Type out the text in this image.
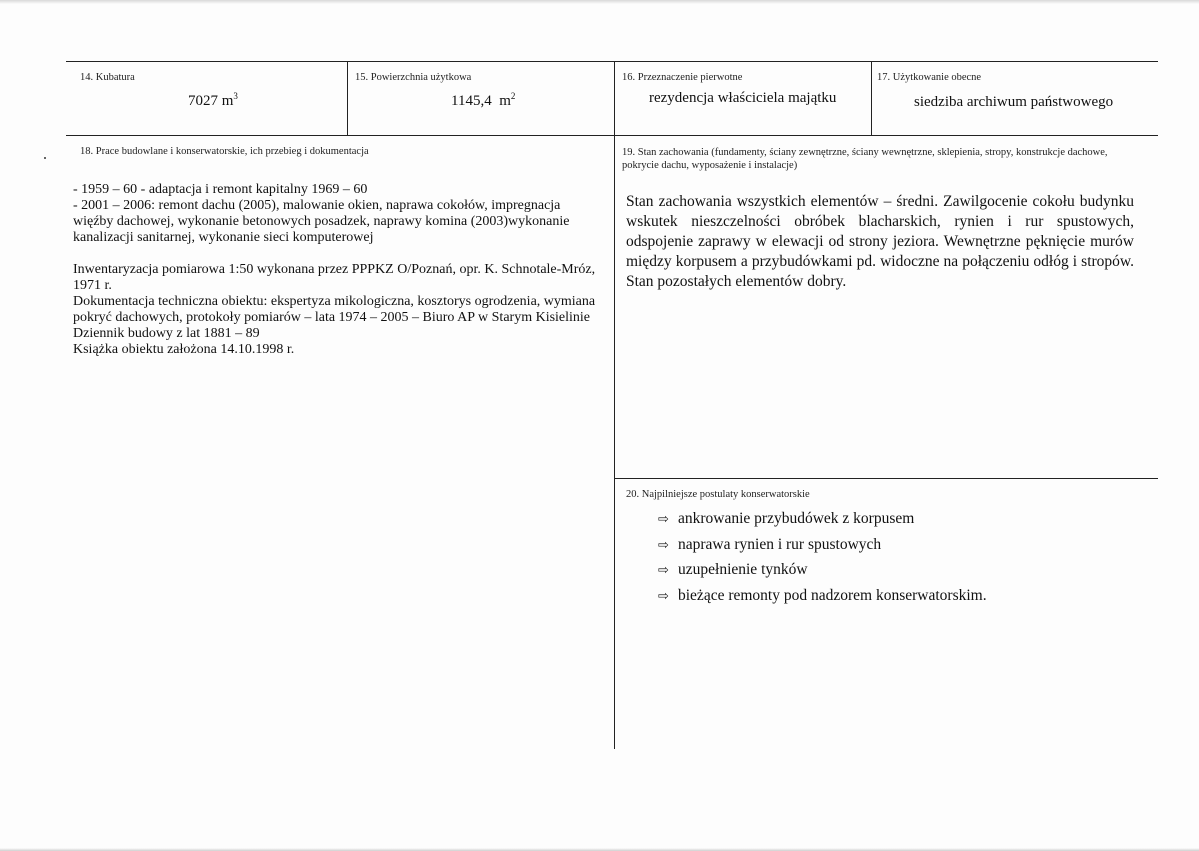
14. Kubatura
7027 $m^3$
15. Powierzchnia użytkowa
1145,4  $m^2$
16. Przeznaczenie pierwotne
rezydencja właściciela majątku
17. Użytkowanie obecne
siedziba archiwum państwowego
18. Prace budowlane i konserwatorskie, ich przebieg i dokumentacja

- 1959 – 60 - adaptacja i remont kapitalny 1969 – 60

- 2001 – 2006: remont dachu (2005), malowanie okien, naprawa cokołów, impregnacja więźby dachowej, wykonanie betonowych posadzek, naprawy komina (2003)wykonanie kanalizacji sanitarnej, wykonanie sieci komputerowej

Inwentaryzacja pomiarowa 1:50 wykonana przez PPPKZ O/Poznań, opr. K. Schnotale-Mróz, 1971 r.

Dokumentacja techniczna obiektu: ekspertyza mikologiczna, kosztorys ogrodzenia, wymiana pokryć dachowych, protokoły pomiarów – lata 1974 – 2005 – Biuro AP w Starym Kisielinie

Dziennik budowy z lat 1881 – 89

Książka obiektu założona 14.10.1998 r.

19. Stan zachowania (fundamenty, ściany zewnętrzne, ściany wewnętrzne, sklepienia, stropy, konstrukcje dachowe,
pokrycie dachu, wyposażenie i instalacje)
Stan zachowania wszystkich elementów – średni. Zawilgocenie cokołu budynku wskutek nieszczelności obróbek blacharskich, rynien i rur spustowych, odspojenie zaprawy w elewacji od strony jeziora. Wewnętrzne pęknięcie murów między korpusem a przybudówkami pd. widoczne na połączeniu odłóg i stropów. Stan pozostałych elementów dobry.
20. Najpilniejsze postulaty konserwatorskie
⇨ ankrowanie przybudówek z korpusem
⇨ naprawa rynien i rur spustowych
⇨ uzupełnienie tynków
⇨ bieżące remonty pod nadzorem konserwatorskim.
